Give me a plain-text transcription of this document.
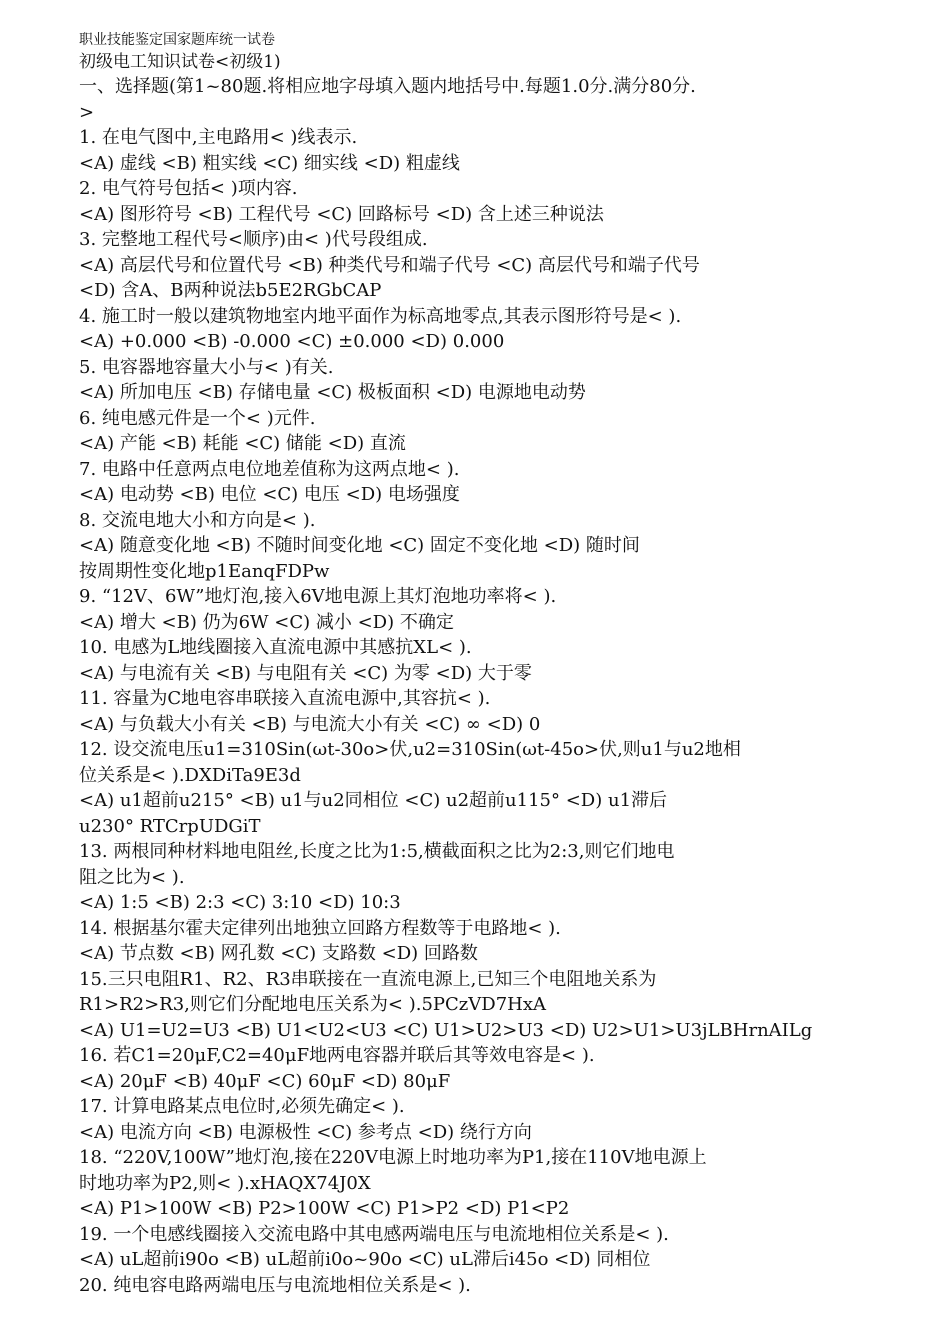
职业技能鉴定国家题库统一试卷
初级电工知识试卷<初级1)
一、选择题(第1~80题.将相应地字母填入题内地括号中.每题1.0分.满分80分.
>
1. 在电气图中,主电路用< )线表示.
<A) 虚线 <B) 粗实线 <C) 细实线 <D) 粗虚线
2. 电气符号包括< )项内容.
<A) 图形符号 <B) 工程代号 <C) 回路标号 <D) 含上述三种说法
3. 完整地工程代号<顺序)由< )代号段组成.
<A) 高层代号和位置代号 <B) 种类代号和端子代号 <C) 高层代号和端子代号
<D) 含A、B两种说法b5E2RGbCAP
4. 施工时一般以建筑物地室内地平面作为标高地零点,其表示图形符号是< ).
<A) +0.000 <B) -0.000 <C) ±0.000 <D) 0.000
5. 电容器地容量大小与< )有关.
<A) 所加电压 <B) 存储电量 <C) 极板面积 <D) 电源地电动势
6. 纯电感元件是一个< )元件.
<A) 产能 <B) 耗能 <C) 储能 <D) 直流
7. 电路中任意两点电位地差值称为这两点地< ).
<A) 电动势 <B) 电位 <C) 电压 <D) 电场强度
8. 交流电地大小和方向是< ).
<A) 随意变化地 <B) 不随时间变化地 <C) 固定不变化地 <D) 随时间
按周期性变化地p1EanqFDPw
9. “12V、6W”地灯泡,接入6V地电源上其灯泡地功率将< ).
<A) 增大 <B) 仍为6W <C) 减小 <D) 不确定
10. 电感为L地线圈接入直流电源中其感抗XL< ).
<A) 与电流有关 <B) 与电阻有关 <C) 为零 <D) 大于零
11. 容量为C地电容串联接入直流电源中,其容抗< ).
<A) 与负载大小有关 <B) 与电流大小有关 <C) ∞ <D) 0
12. 设交流电压u1=310Sin(ωt-30o>伏,u2=310Sin(ωt-45o>伏,则u1与u2地相
位关系是< ).DXDiTa9E3d
<A) u1超前u215° <B) u1与u2同相位 <C) u2超前u115° <D) u1滞后
u230° RTCrpUDGiT
13. 两根同种材料地电阻丝,长度之比为1:5,横截面积之比为2:3,则它们地电
阻之比为< ).
<A) 1:5 <B) 2:3 <C) 3:10 <D) 10:3
14. 根据基尔霍夫定律列出地独立回路方程数等于电路地< ).
<A) 节点数 <B) 网孔数 <C) 支路数 <D) 回路数
15.三只电阻R1、R2、R3串联接在一直流电源上,已知三个电阻地关系为
R1>R2>R3,则它们分配地电压关系为< ).5PCzVD7HxA
<A) U1=U2=U3 <B) U1<U2<U3 <C) U1>U2>U3 <D) U2>U1>U3jLBHrnAILg
16. 若C1=20μF,C2=40μF地两电容器并联后其等效电容是< ).
<A) 20μF <B) 40μF <C) 60μF <D) 80μF
17. 计算电路某点电位时,必须先确定< ).
<A) 电流方向 <B) 电源极性 <C) 参考点 <D) 绕行方向
18. “220V,100W”地灯泡,接在220V电源上时地功率为P1,接在110V地电源上
时地功率为P2,则< ).xHAQX74J0X
<A) P1>100W <B) P2>100W <C) P1>P2 <D) P1<P2
19. 一个电感线圈接入交流电路中其电感两端电压与电流地相位关系是< ).
<A) uL超前i90o <B) uL超前i0o~90o <C) uL滞后i45o <D) 同相位
20. 纯电容电路两端电压与电流地相位关系是< ).
